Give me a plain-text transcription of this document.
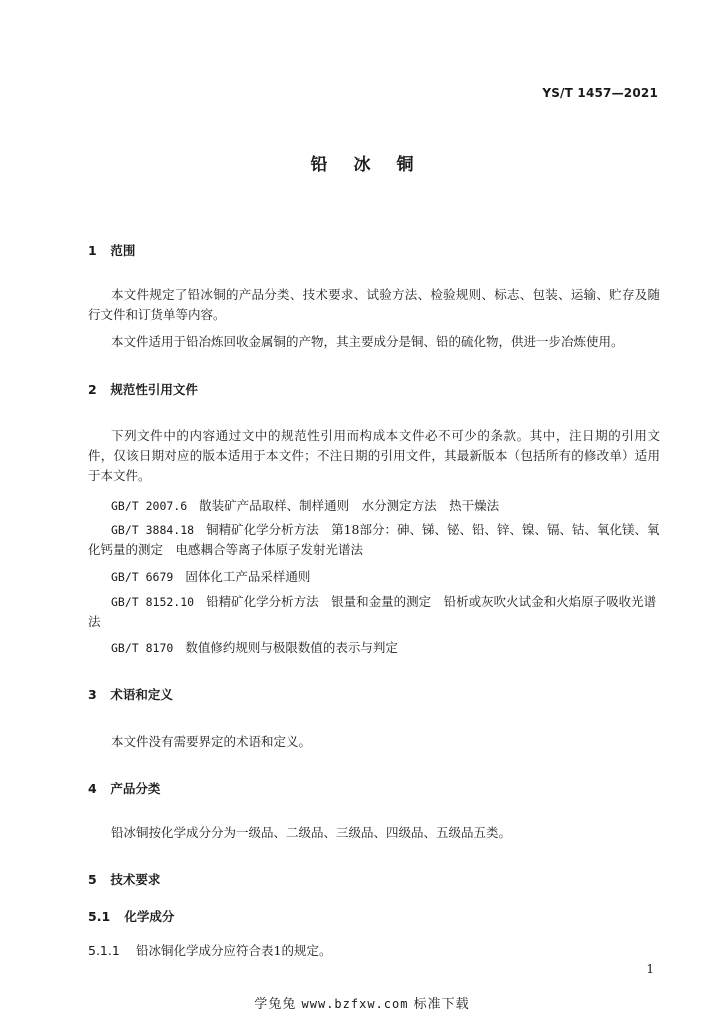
YS/T 1457—2021
铅冰铜
1 范围
本文件规定了铅冰铜的产品分类、技术要求、试验方法、检验规则、标志、包装、运输、贮存及随行文件和订货单等内容。
本文件适用于铅冶炼回收金属铜的产物，其主要成分是铜、铅的硫化物，供进一步冶炼使用。
2 规范性引用文件
下列文件中的内容通过文中的规范性引用而构成本文件必不可少的条款。其中，注日期的引用文件，仅该日期对应的版本适用于本文件；不注日期的引用文件，其最新版本（包括所有的修改单）适用于本文件。
GB/T 2007.6 散装矿产品取样、制样通则　水分测定方法　热干燥法
GB/T 3884.18 铜精矿化学分析方法　第18部分：砷、锑、铋、铅、锌、镍、镉、钴、氧化镁、氧化钙量的测定　电感耦合等离子体原子发射光谱法
GB/T 6679 固体化工产品采样通则
GB/T 8152.10 铅精矿化学分析方法　银量和金量的测定　铅析或灰吹火试金和火焰原子吸收光谱法
GB/T 8170 数值修约规则与极限数值的表示与判定
3 术语和定义
本文件没有需要界定的术语和定义。
4 产品分类
铅冰铜按化学成分分为一级品、二级品、三级品、四级品、五级品五类。
5 技术要求
5.1 化学成分
5.1.1 铅冰铜化学成分应符合表1的规定。
1
学兔兔 www.bzfxw.com 标准下载
